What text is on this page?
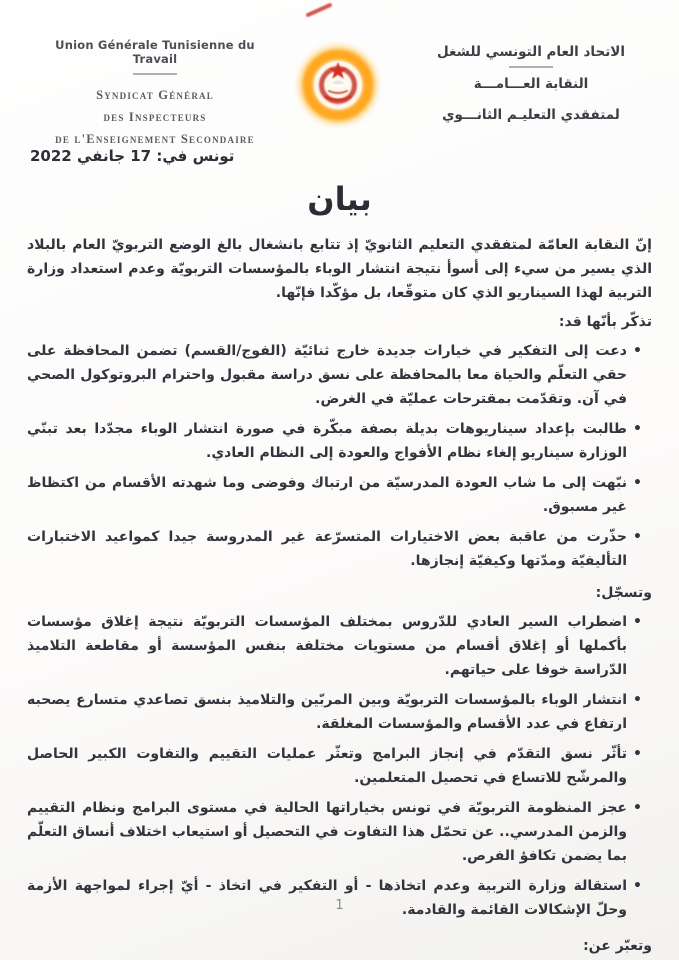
Union Générale Tunisienne du Travail
Syndicat Général
des Inspecteurs
de l'Enseignement Secondaire
الاتحاد العام التونسي للشغل
النقابة العـــامـــة
لمتفقدي التعليـم الثانـــوي
تونس في: 17 جانفي 2022
بيان

إنّ النقابة العامّة لمتفقدي التعليم الثانويّ إذ تتابع بانشغال بالغ الوضع التربويّ العام بالبلاد الذي يسير من سيء إلى أسوأ نتيجة انتشار الوباء بالمؤسسات التربويّة وعدم استعداد وزارة التربية لهذا السيناريو الذي كان متوقّعا، بل مؤكّدا فإنّها.

تذكّر بأنّها قد:

• دعت إلى التفكير في خيارات جديدة خارج ثنائيّة (الفوج/القسم) تضمن المحافظة على حقي التعلّم والحياة معا بالمحافظة على نسق دراسة مقبول واحترام البروتوكول الصحي في آن. وتقدّمت بمقترحات عمليّة في الغرض.
• طالبت بإعداد سيناريوهات بديلة بصفة مبكّرة في صورة انتشار الوباء مجدّدا بعد تبنّي الوزارة سيناريو إلغاء نظام الأفواج والعودة إلى النظام العادي.
• نبّهت إلى ما شاب العودة المدرسيّة من ارتباك وفوضى وما شهدته الأقسام من اكتظاظ غير مسبوق.
• حذّرت من عاقبة بعض الاختيارات المتسرّعة غير المدروسة جيدا كمواعيد الاختبارات التأليفيّة ومدّتها وكيفيّة إنجازها.

وتسجّل:

• اضطراب السير العادي للدّروس بمختلف المؤسسات التربويّة نتيجة إغلاق مؤسسات بأكملها أو إغلاق أقسام من مستويات مختلفة بنفس المؤسسة أو مقاطعة التلاميذ الدّراسة خوفا على حياتهم.
• انتشار الوباء بالمؤسسات التربويّة وبين المربّين والتلاميذ بنسق تصاعدي متسارع يصحبه ارتفاع في عدد الأقسام والمؤسسات المغلقة.
• تأثّر نسق التقدّم في إنجاز البرامج وتعثّر عمليات التقييم والتفاوت الكبير الحاصل والمرشّح للاتساع في تحصيل المتعلمين.
• عجز المنظومة التربويّة في تونس بخياراتها الحالية في مستوى البرامج ونظام التقييم والزمن المدرسي.. عن تحمّل هذا التفاوت في التحصيل أو استيعاب اختلاف أنساق التعلّم بما يضمن تكافؤ الفرص.
• استقالة وزارة التربية وعدم اتخاذها - أو التفكير في اتخاذ - أيّ إجراء لمواجهة الأزمة وحلّ الإشكالات القائمة والقادمة.

وتعبّر عن:

1
